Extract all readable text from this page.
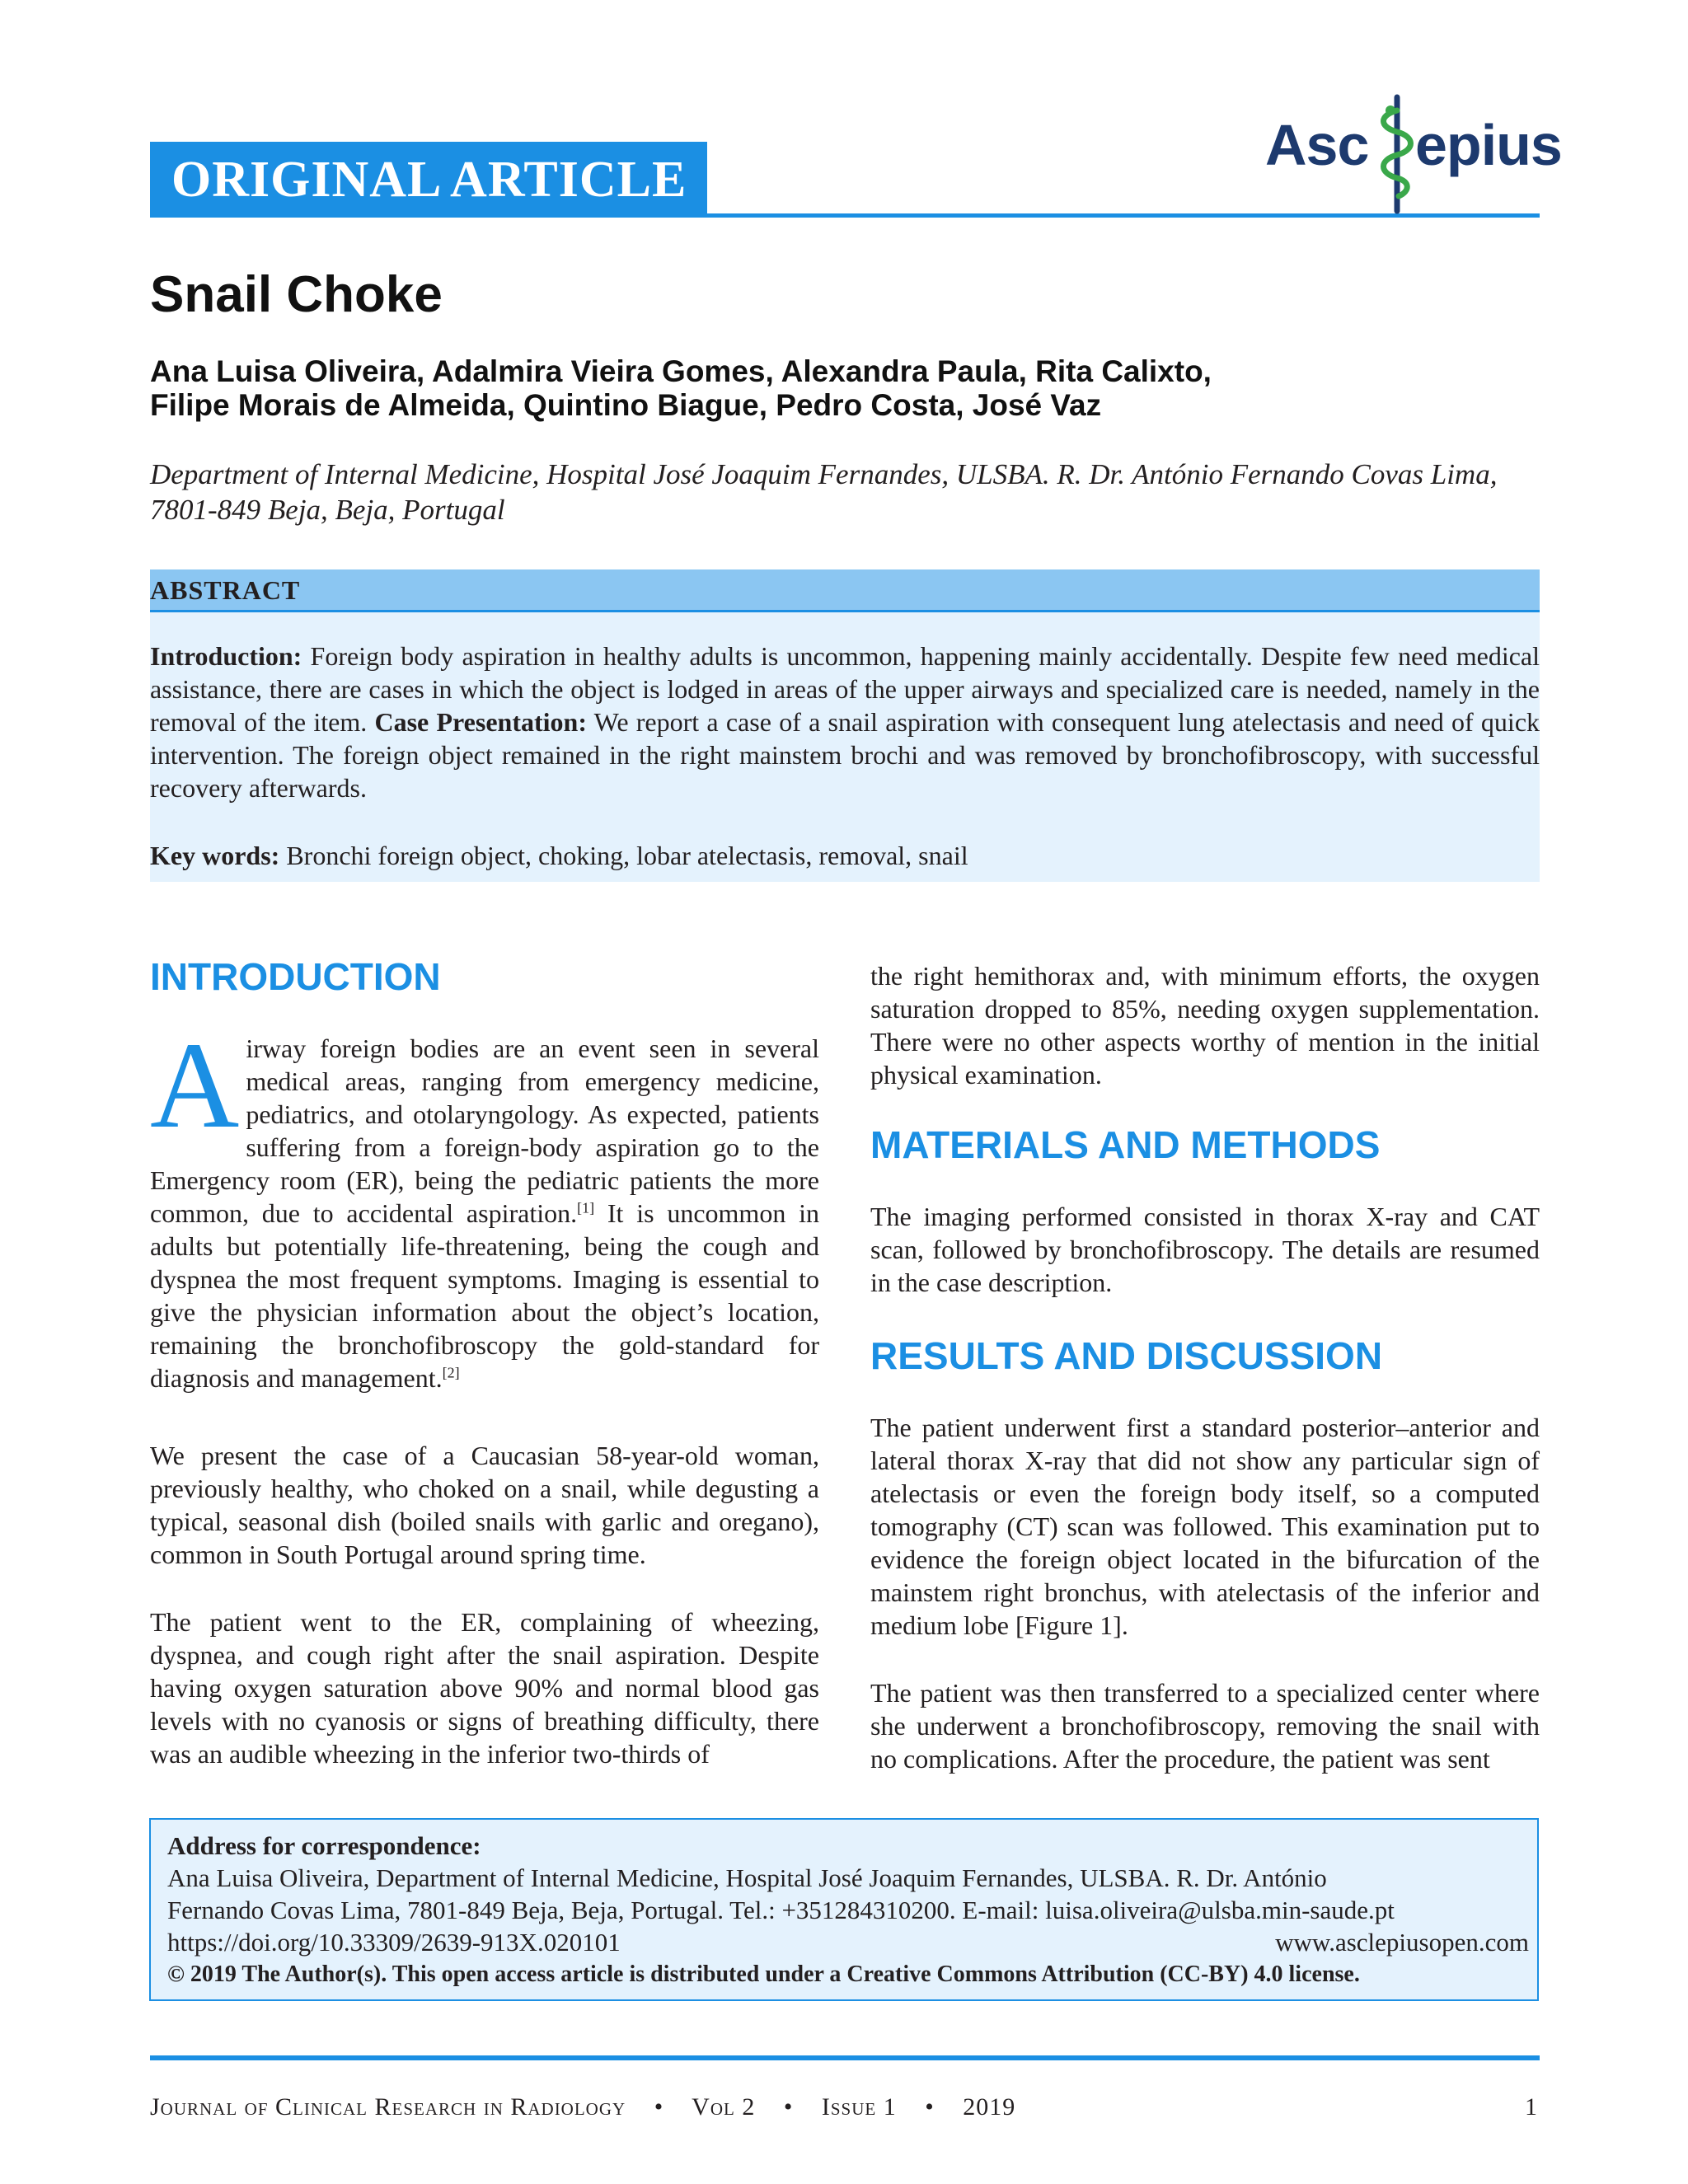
ORIGINAL ARTICLE
Asc epius
Snail Choke
Ana Luisa Oliveira, Adalmira Vieira Gomes, Alexandra Paula, Rita Calixto,
Filipe Morais de Almeida, Quintino Biague, Pedro Costa, José Vaz
Department of Internal Medicine, Hospital José Joaquim Fernandes, ULSBA. R. Dr. António Fernando Covas Lima, 7801-849 Beja, Beja, Portugal
ABSTRACT
Introduction: Foreign body aspiration in healthy adults is uncommon, happening mainly accidentally. Despite few need medical assistance, there are cases in which the object is lodged in areas of the upper airways and specialized care is needed, namely in the removal of the item. Case Presentation: We report a case of a snail aspiration with consequent lung atelectasis and need of quick intervention. The foreign object remained in the right mainstem brochi and was removed by bronchofibroscopy, with successful recovery afterwards.
Key words: Bronchi foreign object, choking, lobar atelectasis, removal, snail
INTRODUCTION
Airway foreign bodies are an event seen in several medical areas, ranging from emergency medicine, pediatrics, and otolaryngology. As expected, patients suffering from a foreign-body aspiration go to the Emergency room (ER), being the pediatric patients the more common, due to accidental aspiration.[1] It is uncommon in adults but potentially life-threatening, being the cough and dyspnea the most frequent symptoms. Imaging is essential to give the physician information about the object’s location, remaining the bronchofibroscopy the gold-standard for diagnosis and management.[2]
We present the case of a Caucasian 58-year-old woman, previously healthy, who choked on a snail, while degusting a typical, seasonal dish (boiled snails with garlic and oregano), common in South Portugal around spring time.
The patient went to the ER, complaining of wheezing, dyspnea, and cough right after the snail aspiration. Despite having oxygen saturation above 90% and normal blood gas levels with no cyanosis or signs of breathing difficulty, there was an audible wheezing in the inferior two-thirds of
the right hemithorax and, with minimum efforts, the oxygen saturation dropped to 85%, needing oxygen supplementation. There were no other aspects worthy of mention in the initial physical examination.
MATERIALS AND METHODS
The imaging performed consisted in thorax X-ray and CAT scan, followed by bronchofibroscopy. The details are resumed in the case description.
RESULTS AND DISCUSSION
The patient underwent first a standard posterior–anterior and lateral thorax X-ray that did not show any particular sign of atelectasis or even the foreign body itself, so a computed tomography (CT) scan was followed. This examination put to evidence the foreign object located in the bifurcation of the mainstem right bronchus, with atelectasis of the inferior and medium lobe [Figure 1].
The patient was then transferred to a specialized center where she underwent a bronchofibroscopy, removing the snail with no complications. After the procedure, the patient was sent
Address for correspondence:
Ana Luisa Oliveira, Department of Internal Medicine, Hospital José Joaquim Fernandes, ULSBA. R. Dr. António
Fernando Covas Lima, 7801-849 Beja, Beja, Portugal. Tel.: +351284310200. E-mail: luisa.oliveira@ulsba.min-saude.pt
https://doi.org/10.33309/2639-913X.020101	www.asclepiusopen.com
© 2019 The Author(s). This open access article is distributed under a Creative Commons Attribution (CC-BY) 4.0 license.
Journal of Clinical Research in Radiology • Vol 2 • Issue 1 • 2019	1
